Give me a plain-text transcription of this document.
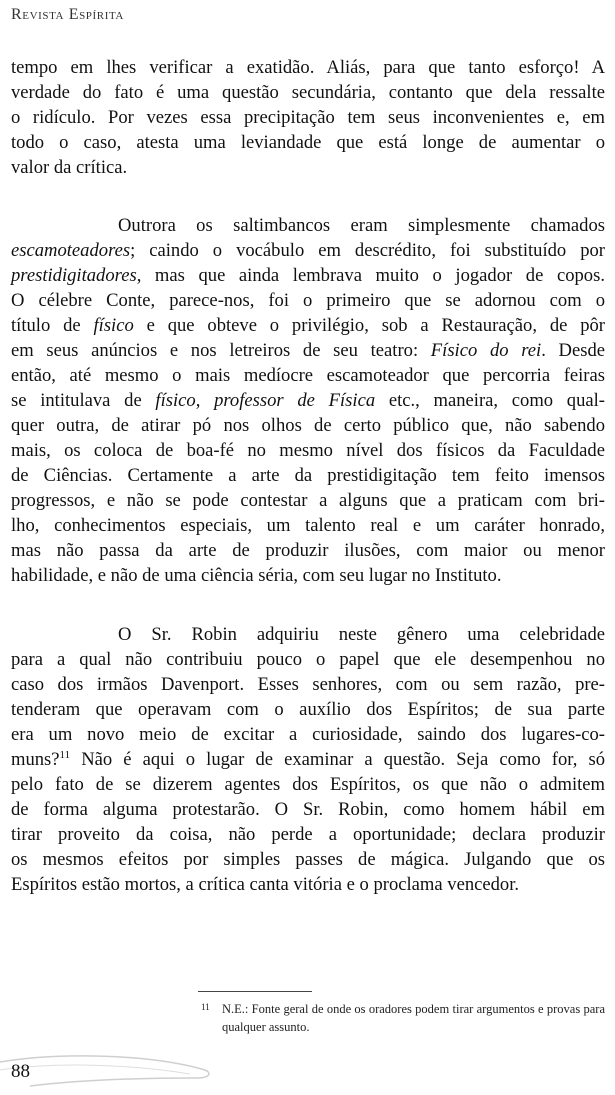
Revista Espírita

tempo em lhes verificar a exatidão. Aliás, para que tanto esforço! A
verdade do fato é uma questão secundária, contanto que dela ressalte
o ridículo. Por vezes essa precipitação tem seus inconvenientes e, em
todo o caso, atesta uma leviandade que está longe de aumentar o
valor da crítica.

Outrora os saltimbancos eram simplesmente chamados
escamoteadores; caindo o vocábulo em descrédito, foi substituído por
prestidigitadores, mas que ainda lembrava muito o jogador de copos.
O célebre Conte, parece-nos, foi o primeiro que se adornou com o
título de físico e que obteve o privilégio, sob a Restauração, de pôr
em seus anúncios e nos letreiros de seu teatro: Físico do rei. Desde
então, até mesmo o mais medíocre escamoteador que percorria feiras
se intitulava de físico, professor de Física etc., maneira, como qual-
quer outra, de atirar pó nos olhos de certo público que, não sabendo
mais, os coloca de boa-fé no mesmo nível dos físicos da Faculdade
de Ciências. Certamente a arte da prestidigitação tem feito imensos
progressos, e não se pode contestar a alguns que a praticam com bri-
lho, conhecimentos especiais, um talento real e um caráter honrado,
mas não passa da arte de produzir ilusões, com maior ou menor
habilidade, e não de uma ciência séria, com seu lugar no Instituto.

O Sr. Robin adquiriu neste gênero uma celebridade
para a qual não contribuiu pouco o papel que ele desempenhou no
caso dos irmãos Davenport. Esses senhores, com ou sem razão, pre-
tenderam que operavam com o auxílio dos Espíritos; de sua parte
era um novo meio de excitar a curiosidade, saindo dos lugares-co-
muns?$^{11}$ Não é aqui o lugar de examinar a questão. Seja como for, só
pelo fato de se dizerem agentes dos Espíritos, os que não o admitem
de forma alguma protestarão. O Sr. Robin, como homem hábil em
tirar proveito da coisa, não perde a oportunidade; declara produzir
os mesmos efeitos por simples passes de mágica. Julgando que os
Espíritos estão mortos, a crítica canta vitória e o proclama vencedor.

11 N.E.: Fonte geral de onde os oradores podem tirar argumentos e provas para qualquer assunto.
88
